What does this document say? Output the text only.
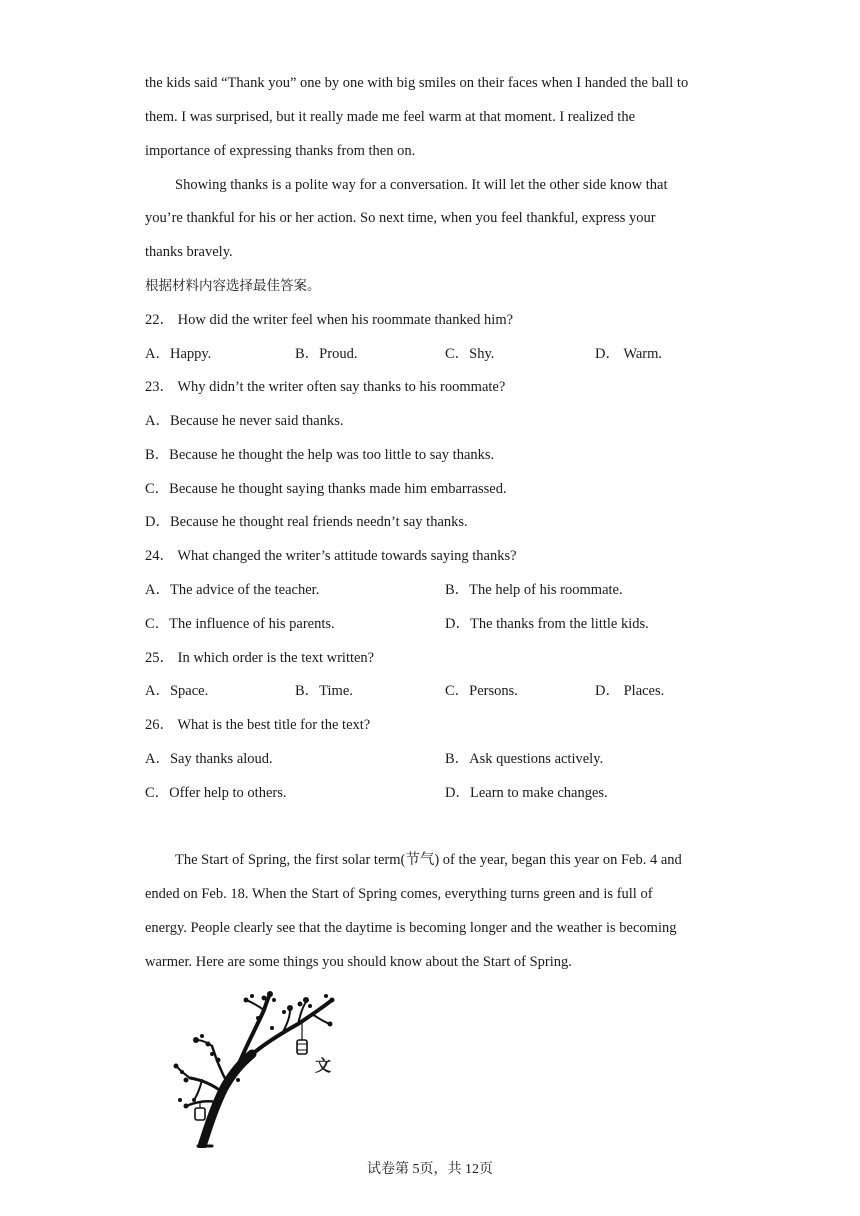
the kids said “Thank you” one by one with big smiles on their faces when I handed the ball to
them. I was surprised, but it really made me feel warm at that moment. I realized the
importance of expressing thanks from then on.
Showing thanks is a polite way for a conversation. It will let the other side know that
you’re thankful for his or her action. So next time, when you feel thankful, express your
thanks bravely.
根据材料内容选择最佳答案。
22． How did the writer feel when his roommate thanked him?
A．Happy.	B．Proud.	C．Shy.	D． Warm.
23． Why didn’t the writer often say thanks to his roommate?
A．Because he never said thanks.
B．Because he thought the help was too little to say thanks.
C．Because he thought saying thanks made him embarrassed.
D．Because he thought real friends needn’t say thanks.
24． What changed the writer’s attitude towards saying thanks?
A．The advice of the teacher.	B．The help of his roommate.
C．The influence of his parents.	D．The thanks from the little kids.
25． In which order is the text written?
A．Space.	B．Time.	C．Persons.	D． Places.
26． What is the best title for the text?
A．Say thanks aloud.	B．Ask questions actively.
C．Offer help to others.	D．Learn to make changes.
The Start of Spring, the first solar term(节气) of the year, began this year on Feb. 4 and
ended on Feb. 18. When the Start of Spring comes, everything turns green and is full of
energy. People clearly see that the daytime is becoming longer and the weather is becoming
warmer. Here are some things you should know about the Start of Spring.
文
试卷第 5页，共 12页
